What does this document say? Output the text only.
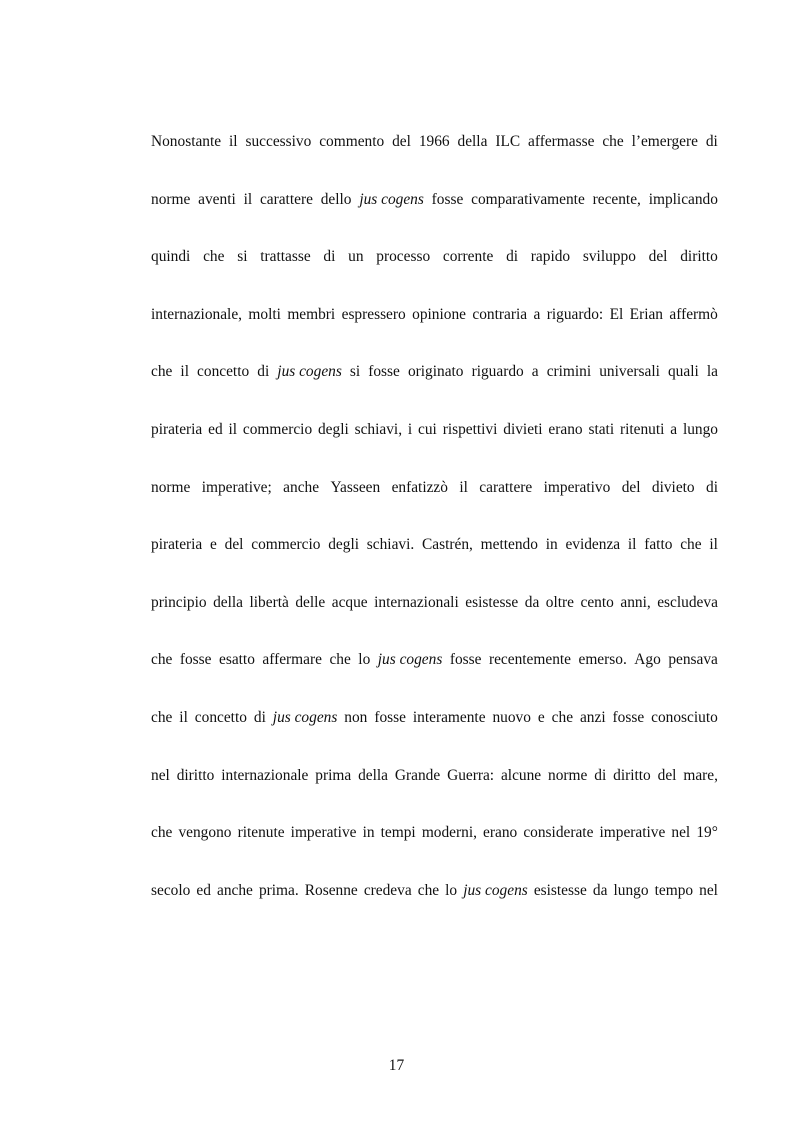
Nonostante il successivo commento del 1966 della ILC affermasse che l’emergere di
norme aventi il carattere dello jus cogens fosse comparativamente recente, implicando
quindi che si trattasse di un processo corrente di rapido sviluppo del diritto
internazionale, molti membri espressero opinione contraria a riguardo: El Erian affermò
che il concetto di jus cogens si fosse originato riguardo a crimini universali quali la
pirateria ed il commercio degli schiavi, i cui rispettivi divieti erano stati ritenuti a lungo
norme imperative; anche Yasseen enfatizzò il carattere imperativo del divieto di
pirateria e del commercio degli schiavi. Castrén, mettendo in evidenza il fatto che il
principio della libertà delle acque internazionali esistesse da oltre cento anni, escludeva
che fosse esatto affermare che lo jus cogens fosse recentemente emerso. Ago pensava
che il concetto di jus cogens non fosse interamente nuovo e che anzi fosse conosciuto
nel diritto internazionale prima della Grande Guerra: alcune norme di diritto del mare,
che vengono ritenute imperative in tempi moderni, erano considerate imperative nel 19°
secolo ed anche prima. Rosenne credeva che lo jus cogens esistesse da lungo tempo nel
17
